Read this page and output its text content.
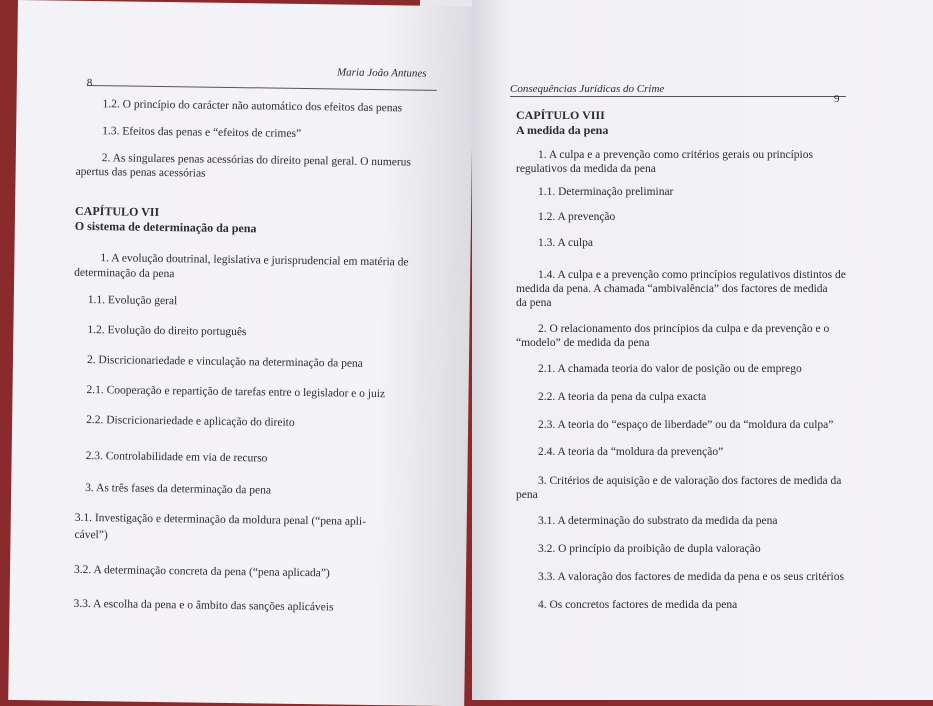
8
Maria João Antunes
1.2. O princípio do carácter não automático dos efeitos das penas
1.3. Efeitos das penas e “efeitos de crimes”
2. As singulares penas acessórias do direito penal geral. O numerus
apertus das penas acessórias
CAPÍTULO VII
O sistema de determinação da pena
1. A evolução doutrinal, legislativa e jurisprudencial em matéria de
determinação da pena
1.1. Evolução geral
1.2. Evolução do direito português
2. Discricionariedade e vinculação na determinação da pena
2.1. Cooperação e repartição de tarefas entre o legislador e o juiz
2.2. Discricionariedade e aplicação do direito
2.3. Controlabilidade em via de recurso
3. As três fases da determinação da pena
3.1. Investigação e determinação da moldura penal (“pena apli-
cável”)
3.2. A determinação concreta da pena (“pena aplicada”)
3.3. A escolha da pena e o âmbito das sanções aplicáveis
Consequências Jurídicas do Crime
9
CAPÍTULO VIII
A medida da pena
1. A culpa e a prevenção como critérios gerais ou princípios
regulativos da medida da pena
1.1. Determinação preliminar
1.2. A prevenção
1.3. A culpa
1.4. A culpa e a prevenção como princípios regulativos distintos de
medida da pena. A chamada “ambivalência” dos factores de medida
da pena
2. O relacionamento dos princípios da culpa e da prevenção e o
“modelo” de medida da pena
2.1. A chamada teoria do valor de posição ou de emprego
2.2. A teoria da pena da culpa exacta
2.3. A teoria do “espaço de liberdade” ou da “moldura da culpa”
2.4. A teoria da “moldura da prevenção”
3. Critérios de aquisição e de valoração dos factores de medida da
pena
3.1. A determinação do substrato da medida da pena
3.2. O princípio da proibição de dupla valoração
3.3. A valoração dos factores de medida da pena e os seus critérios
4. Os concretos factores de medida da pena
